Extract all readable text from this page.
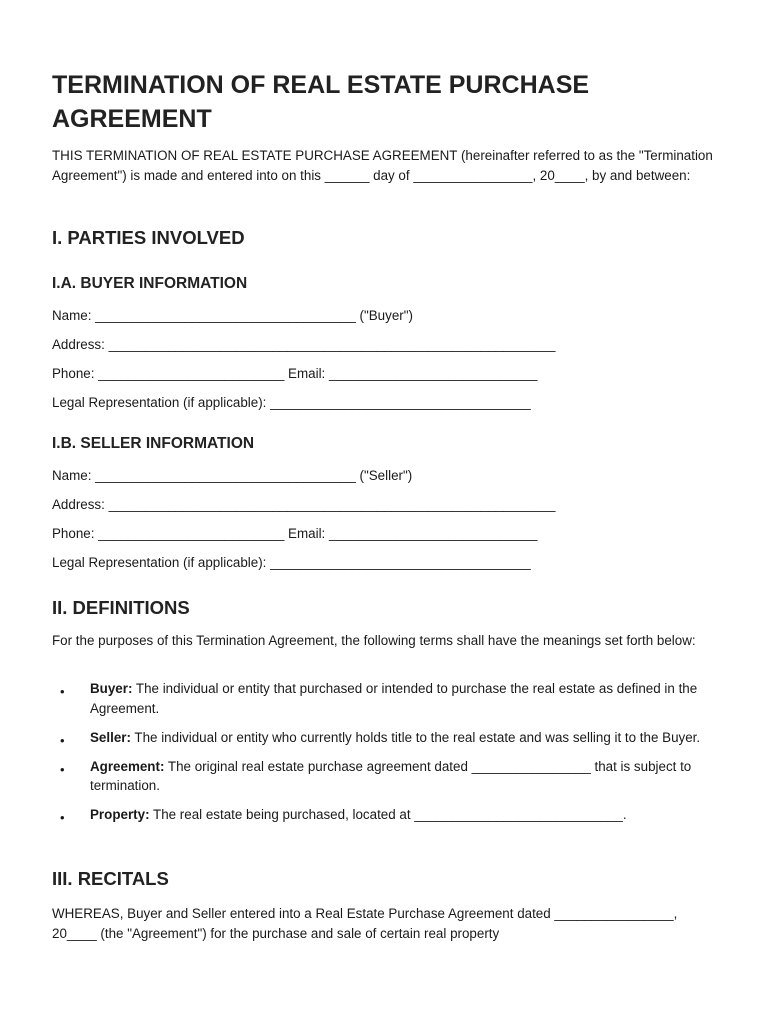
TERMINATION OF REAL ESTATE PURCHASE AGREEMENT
THIS TERMINATION OF REAL ESTATE PURCHASE AGREEMENT (hereinafter referred to as the "Termination Agreement") is made and entered into on this ______ day of ________________, 20____, by and between:
I. PARTIES INVOLVED
I.A. BUYER INFORMATION
Name: ___________________________________ ("Buyer")
Address: ____________________________________________________________
Phone: _________________________ Email: ____________________________
Legal Representation (if applicable): ___________________________________
I.B. SELLER INFORMATION
Name: ___________________________________ ("Seller")
Address: ____________________________________________________________
Phone: _________________________ Email: ____________________________
Legal Representation (if applicable): ___________________________________
II. DEFINITIONS
For the purposes of this Termination Agreement, the following terms shall have the meanings set forth below:
• Buyer: The individual or entity that purchased or intended to purchase the real estate as defined in the Agreement.
• Seller: The individual or entity who currently holds title to the real estate and was selling it to the Buyer.
• Agreement: The original real estate purchase agreement dated ________________ that is subject to termination.
• Property: The real estate being purchased, located at ____________________________.
III. RECITALS
WHEREAS, Buyer and Seller entered into a Real Estate Purchase Agreement dated ________________, 20____ (the "Agreement") for the purchase and sale of certain real property
